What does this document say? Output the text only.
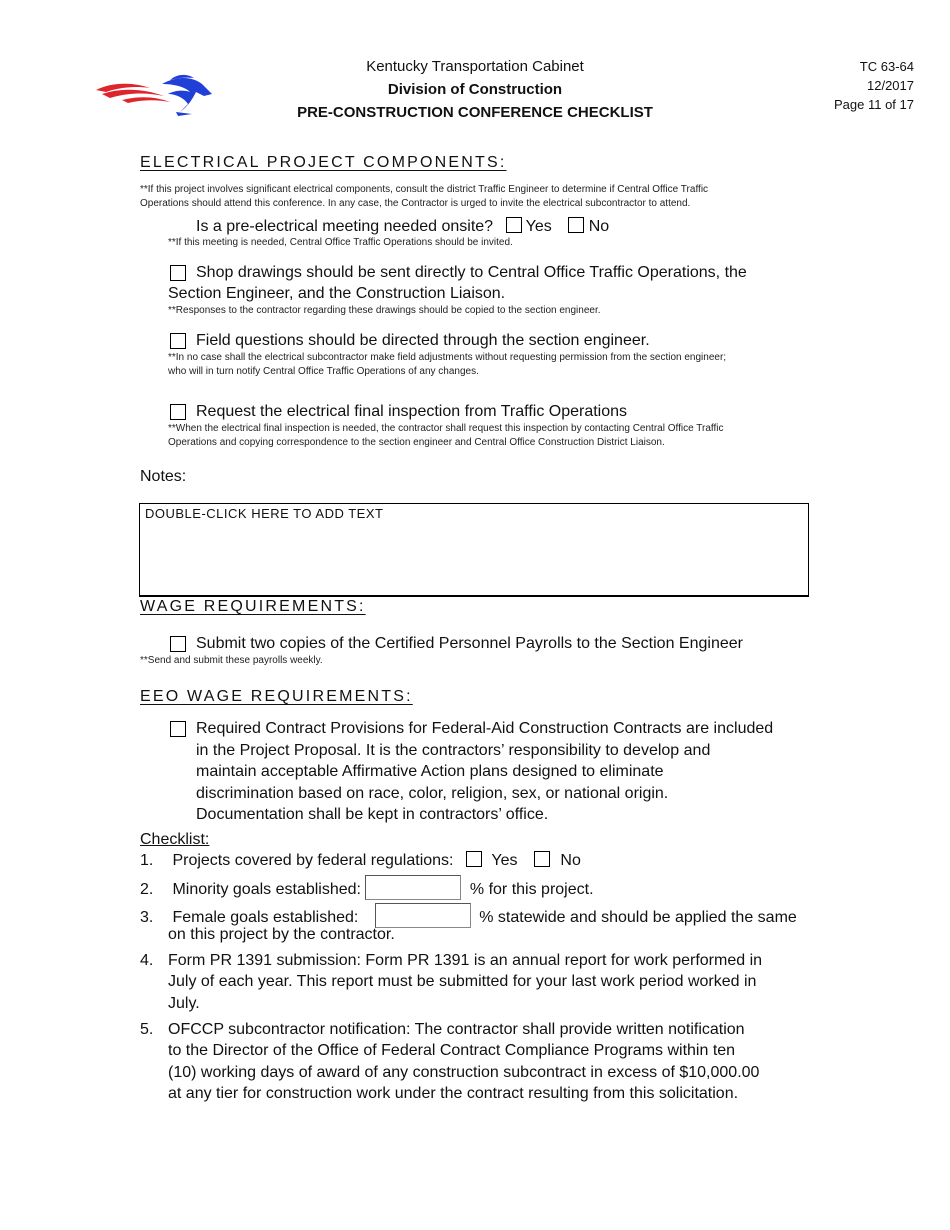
Kentucky Transportation Cabinet
Division of Construction
PRE-CONSTRUCTION CONFERENCE CHECKLIST
TC 63-64
12/2017
Page 11 of 17
ELECTRICAL PROJECT COMPONENTS:
**If this project involves significant electrical components, consult the district Traffic Engineer to determine if Central Office Traffic
Operations should attend this conference. In any case, the Contractor is urged to invite the electrical subcontractor to attend.
Is a pre-electrical meeting needed onsite? Yes No
**If this meeting is needed, Central Office Traffic Operations should be invited.
Shop drawings should be sent directly to Central Office Traffic Operations, the
Section Engineer, and the Construction Liaison.
**Responses to the contractor regarding these drawings should be copied to the section engineer.
Field questions should be directed through the section engineer.
**In no case shall the electrical subcontractor make field adjustments without requesting permission from the section engineer;
who will in turn notify Central Office Traffic Operations of any changes.
Request the electrical final inspection from Traffic Operations
**When the electrical final inspection is needed, the contractor shall request this inspection by contacting Central Office Traffic
Operations and copying correspondence to the section engineer and Central Office Construction District Liaison.
Notes:
DOUBLE-CLICK HERE TO ADD TEXT
WAGE REQUIREMENTS:
Submit two copies of the Certified Personnel Payrolls to the Section Engineer
**Send and submit these payrolls weekly.
EEO WAGE REQUIREMENTS:
Required Contract Provisions for Federal-Aid Construction Contracts are included
in the Project Proposal. It is the contractors’ responsibility to develop and
maintain acceptable Affirmative Action plans designed to eliminate
discrimination based on race, color, religion, sex, or national origin.
Documentation shall be kept in contractors’ office.
Checklist:
1. Projects covered by federal regulations: Yes	No
2. Minority goals established:	% for this project.
3. Female goals established:	% statewide and should be applied the same
on this project by the contractor.
4. Form PR 1391 submission: Form PR 1391 is an annual report for work performed in
July of each year. This report must be submitted for your last work period worked in
July.
5. OFCCP subcontractor notification: The contractor shall provide written notification
to the Director of the Office of Federal Contract Compliance Programs within ten
(10) working days of award of any construction subcontract in excess of $10,000.00
at any tier for construction work under the contract resulting from this solicitation.
